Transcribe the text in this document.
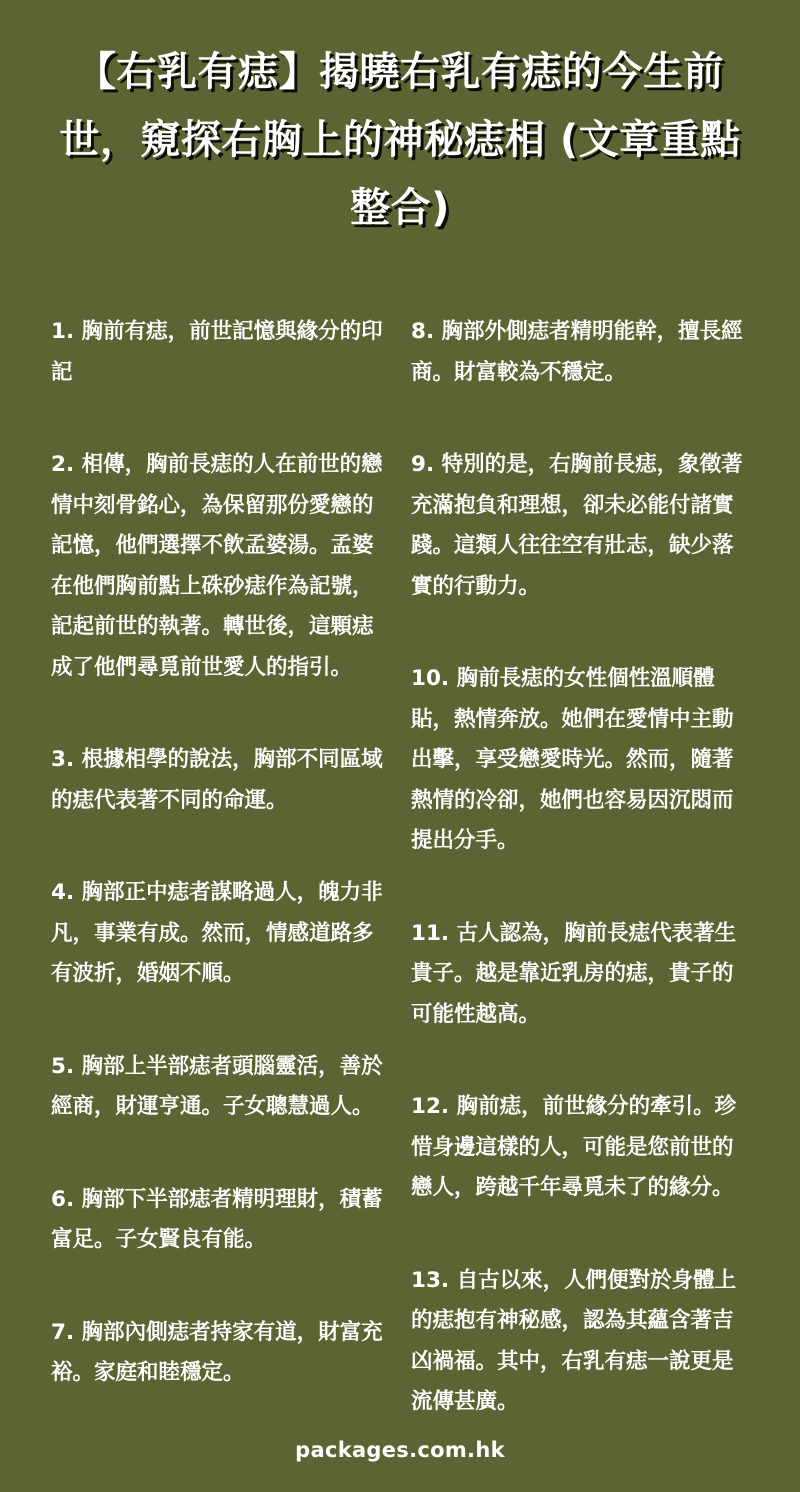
【右乳有痣】揭曉右乳有痣的今生前世，窺探右胸上的神秘痣相 (文章重點整合)

1. 胸前有痣，前世記憶與緣分的印記

2. 相傳，胸前長痣的人在前世的戀情中刻骨銘心，為保留那份愛戀的記憶，他們選擇不飲孟婆湯。孟婆在他們胸前點上硃砂痣作為記號，記起前世的執著。轉世後，這顆痣成了他們尋覓前世愛人的指引。

3. 根據相學的說法，胸部不同區域的痣代表著不同的命運。

4. 胸部正中痣者謀略過人，魄力非凡，事業有成。然而，情感道路多有波折，婚姻不順。

5. 胸部上半部痣者頭腦靈活，善於經商，財運亨通。子女聰慧過人。

6. 胸部下半部痣者精明理財，積蓄富足。子女賢良有能。

7. 胸部內側痣者持家有道，財富充裕。家庭和睦穩定。

8. 胸部外側痣者精明能幹，擅長經商。財富較為不穩定。

9. 特別的是，右胸前長痣，象徵著充滿抱負和理想，卻未必能付諸實踐。這類人往往空有壯志，缺少落實的行動力。

10. 胸前長痣的女性個性溫順體貼，熱情奔放。她們在愛情中主動出擊，享受戀愛時光。然而，隨著熱情的冷卻，她們也容易因沉悶而提出分手。

11. 古人認為，胸前長痣代表著生貴子。越是靠近乳房的痣，貴子的可能性越高。

12. 胸前痣，前世緣分的牽引。珍惜身邊這樣的人，可能是您前世的戀人，跨越千年尋覓未了的緣分。

13. 自古以來，人們便對於身體上的痣抱有神秘感，認為其蘊含著吉凶禍福。其中，右乳有痣一說更是流傳甚廣。

packages.com.hk
